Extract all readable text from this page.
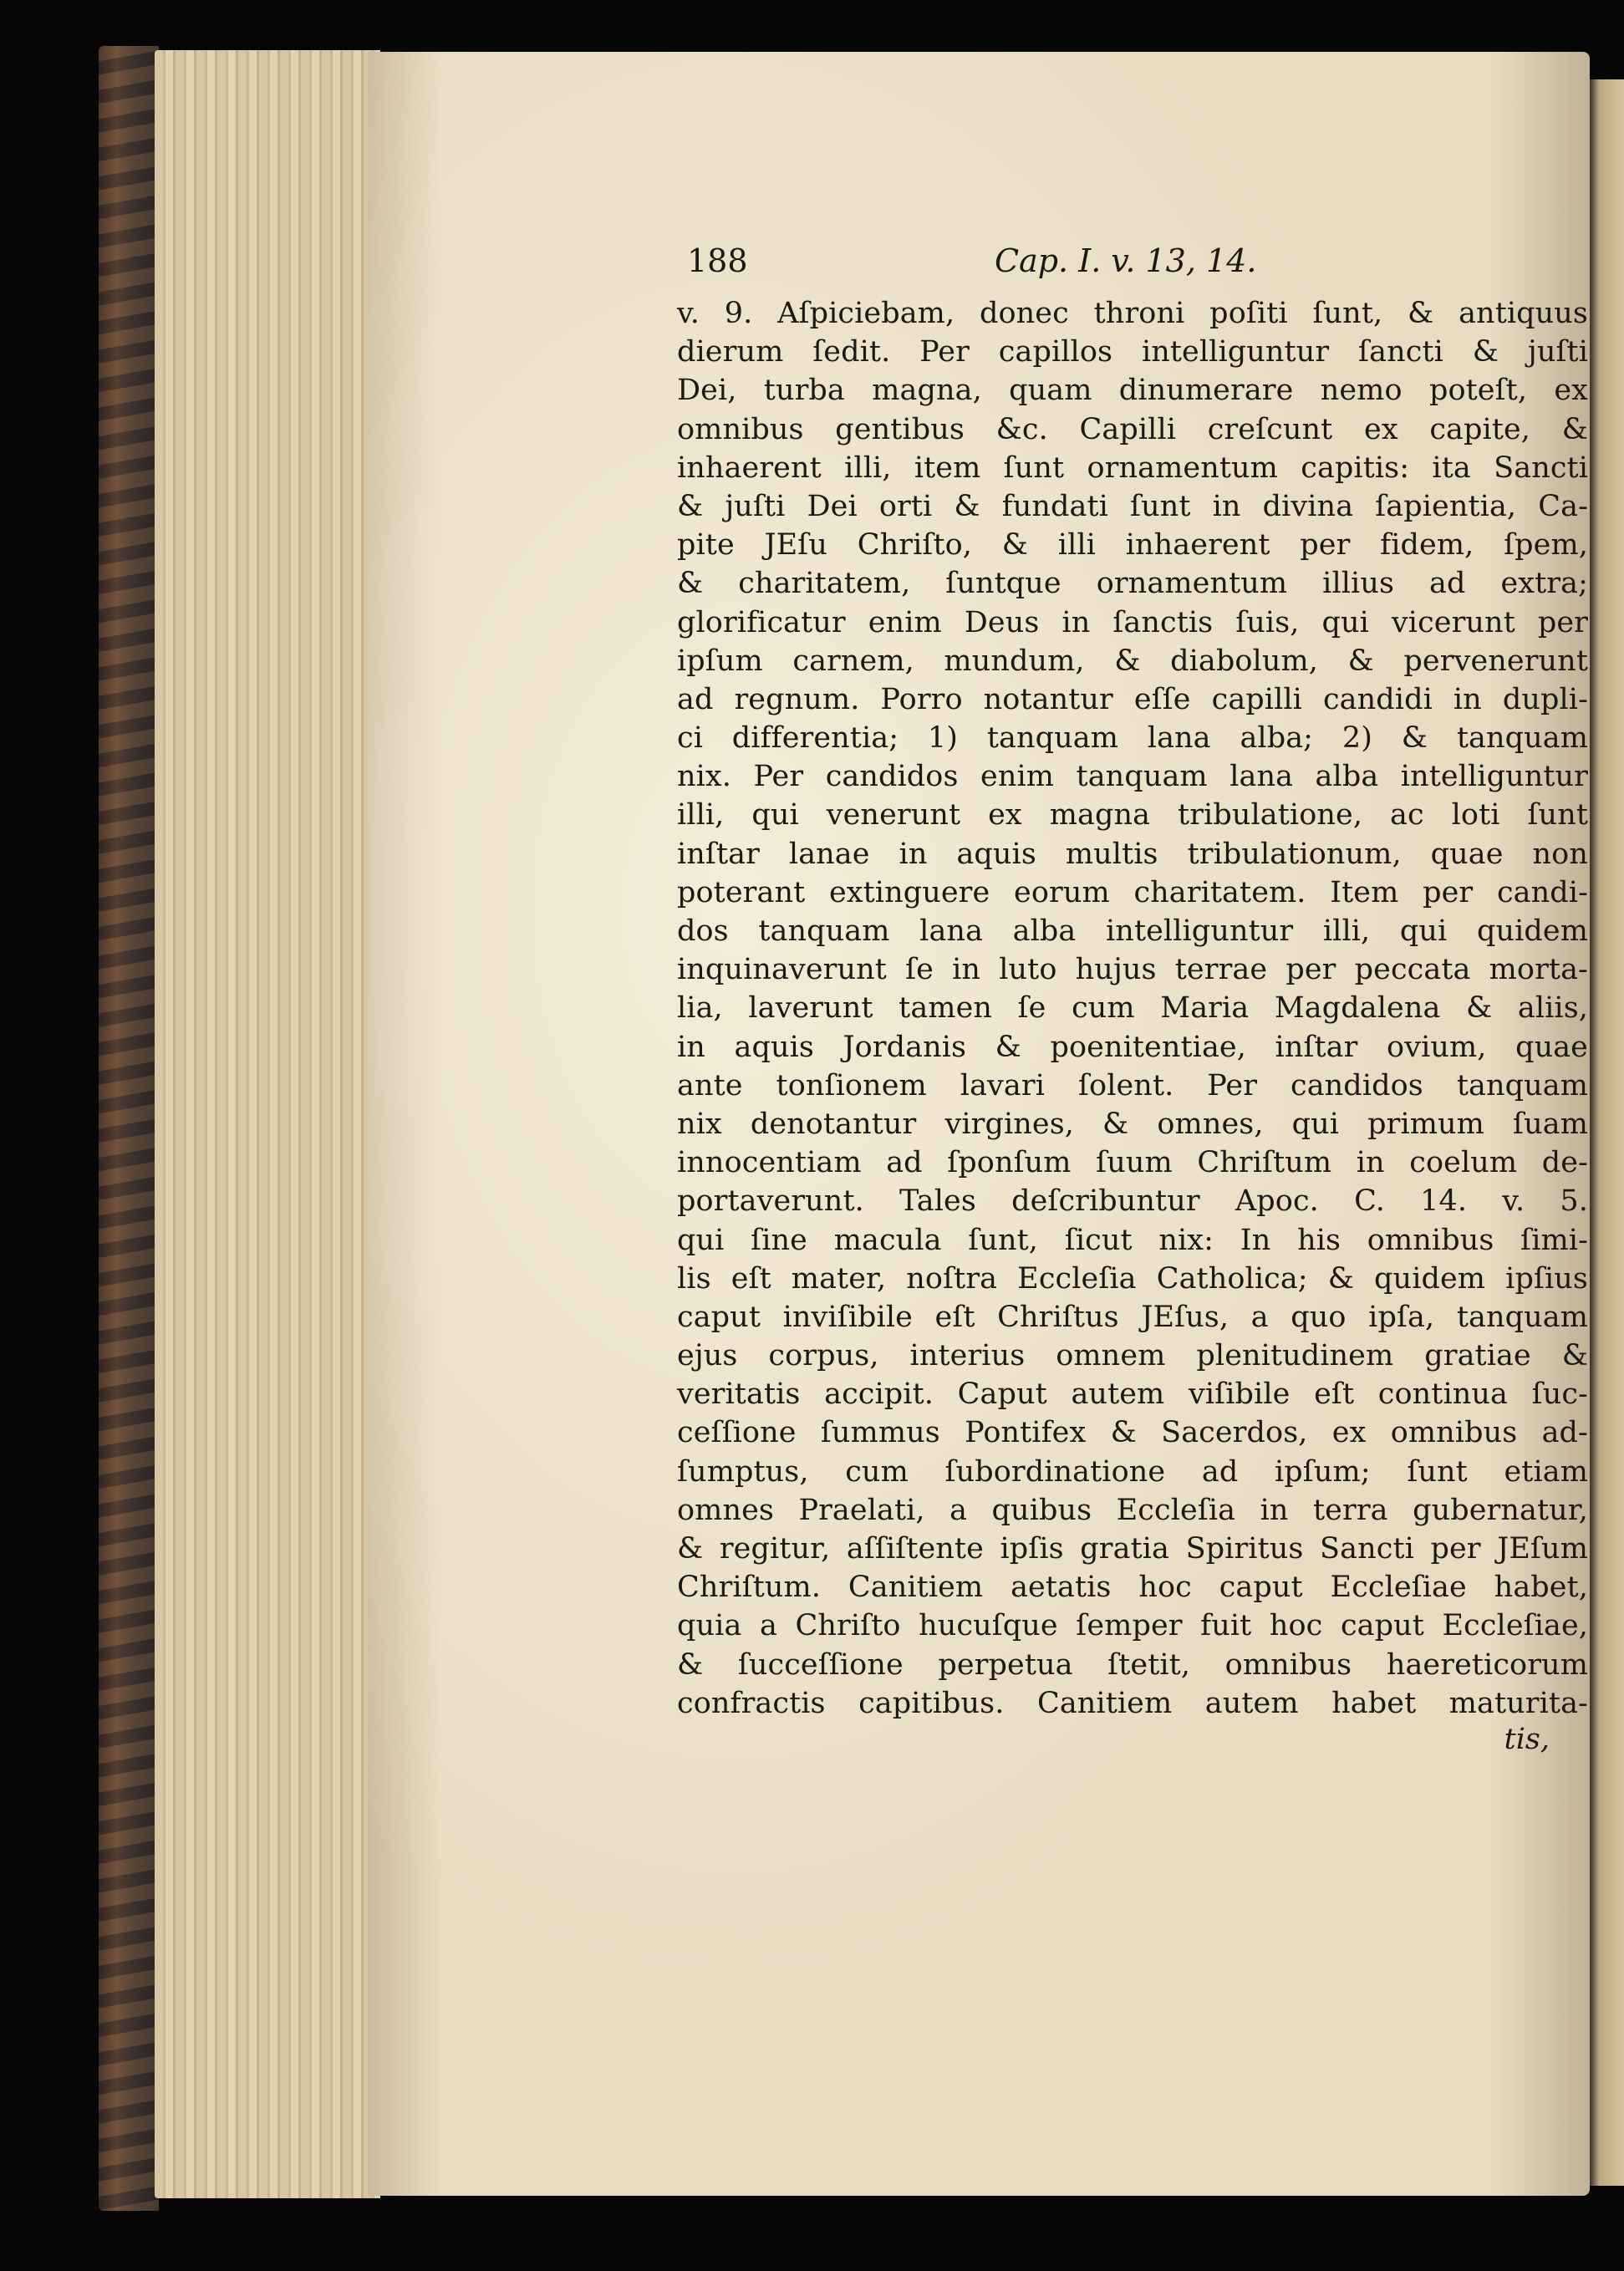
188	Cap. I. v. 13, 14.
v. 9. Aſpiciebam, donec throni poſiti ſunt, & antiquus
dierum ſedit. Per capillos intelliguntur ſancti & juſti
Dei, turba magna, quam dinumerare nemo poteſt, ex
omnibus gentibus &c. Capilli creſcunt ex capite, &
inhaerent illi, item ſunt ornamentum capitis: ita Sancti
& juſti Dei orti & fundati ſunt in divina ſapientia, Ca-
pite JEſu Chriſto, & illi inhaerent per fidem, ſpem,
& charitatem, ſuntque ornamentum illius ad extra;
glorificatur enim Deus in ſanctis ſuis, qui vicerunt per
ipſum carnem, mundum, & diabolum, & pervenerunt
ad regnum. Porro notantur eſſe capilli candidi in dupli-
ci differentia; 1) tanquam lana alba; 2) & tanquam
nix. Per candidos enim tanquam lana alba intelliguntur
illi, qui venerunt ex magna tribulatione, ac loti ſunt
inſtar lanae in aquis multis tribulationum, quae non
poterant extinguere eorum charitatem. Item per candi-
dos tanquam lana alba intelliguntur illi, qui quidem
inquinaverunt ſe in luto hujus terrae per peccata morta-
lia, laverunt tamen ſe cum Maria Magdalena & aliis,
in aquis Jordanis & poenitentiae, inſtar ovium, quae
ante tonſionem lavari ſolent. Per candidos tanquam
nix denotantur virgines, & omnes, qui primum ſuam
innocentiam ad ſponſum ſuum Chriſtum in coelum de-
portaverunt. Tales deſcribuntur Apoc. C. 14. v. 5.
qui ſine macula ſunt, ſicut nix: In his omnibus ſimi-
lis eſt mater, noſtra Eccleſia Catholica; & quidem ipſius
caput inviſibile eſt Chriſtus JEſus, a quo ipſa, tanquam
ejus corpus, interius omnem plenitudinem gratiae &
veritatis accipit. Caput autem viſibile eſt continua ſuc-
ceſſione ſummus Pontifex & Sacerdos, ex omnibus ad-
ſumptus, cum ſubordinatione ad ipſum; ſunt etiam
omnes Praelati, a quibus Eccleſia in terra gubernatur,
& regitur, aſſiſtente ipſis gratia Spiritus Sancti per JEſum
Chriſtum. Canitiem aetatis hoc caput Eccleſiae habet,
quia a Chriſto hucuſque ſemper fuit hoc caput Eccleſiae,
& ſucceſſione perpetua ſtetit, omnibus haereticorum
confractis capitibus. Canitiem autem habet maturita-
tis,
